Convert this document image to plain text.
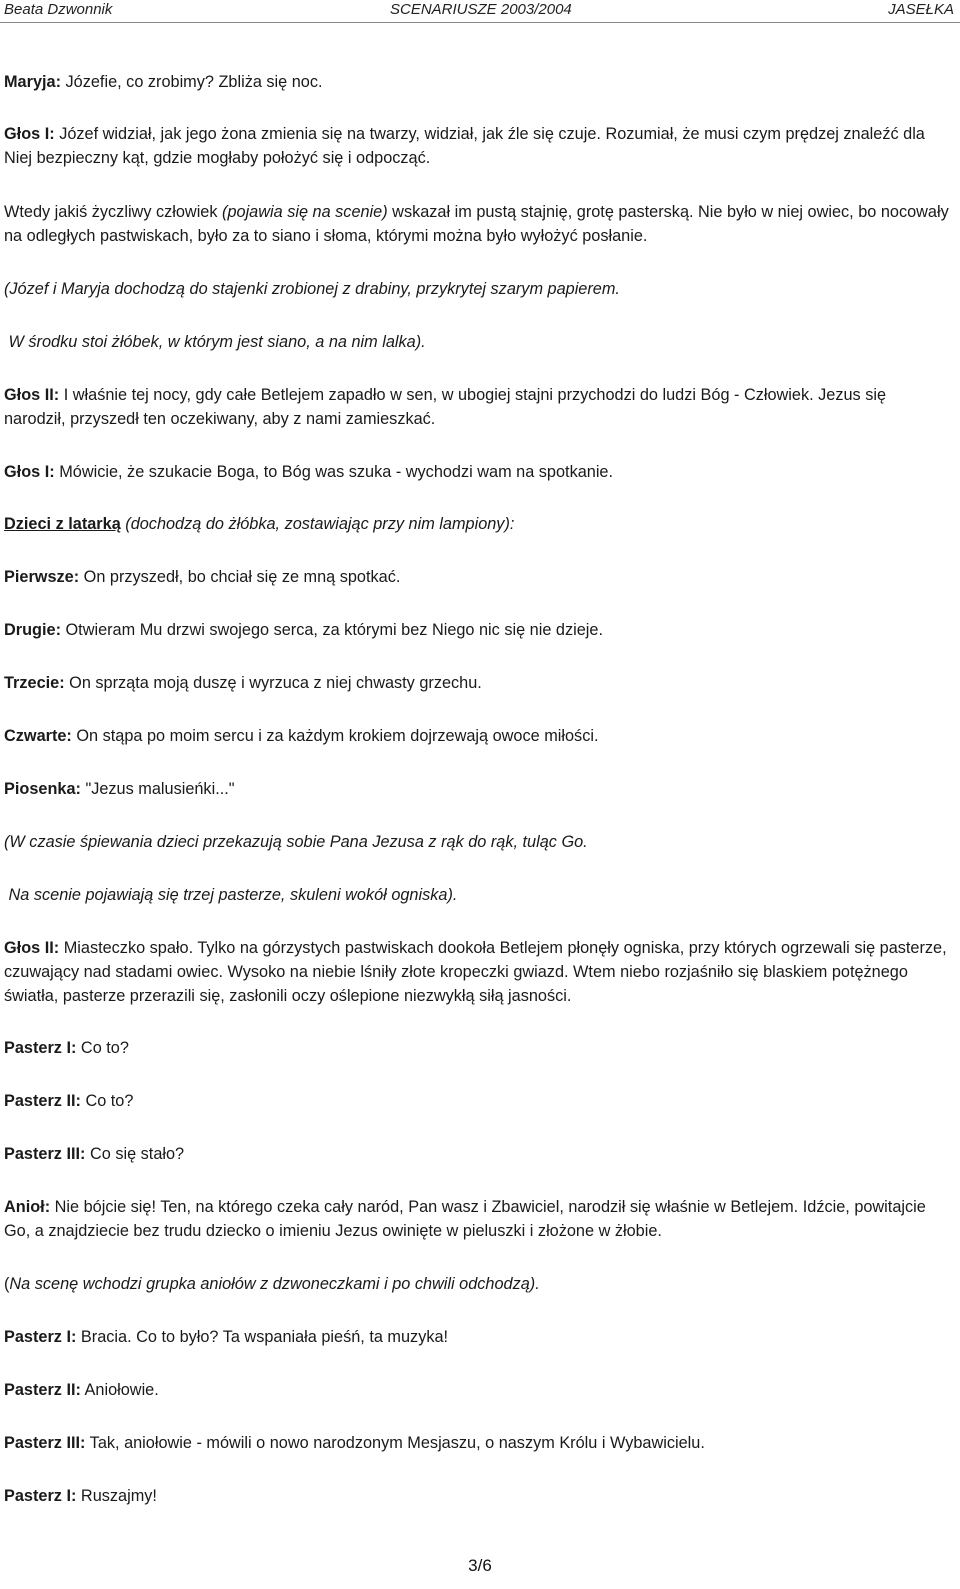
Beata Dzwonnik	SCENARIUSZE 2003/2004	JASEŁKA

Maryja: Józefie, co zrobimy? Zbliża się noc.

Głos I: Józef widział, jak jego żona zmienia się na twarzy, widział, jak źle się czuje. Rozumiał, że musi czym prędzej znaleźć dla Niej bezpieczny kąt, gdzie mogłaby położyć się i odpocząć.

Wtedy jakiś życzliwy człowiek (pojawia się na scenie) wskazał im pustą stajnię, grotę pasterską. Nie było w niej owiec, bo nocowały na odległych pastwiskach, było za to siano i słoma, którymi można było wyłożyć posłanie.

(Józef i Maryja dochodzą do stajenki zrobionej z drabiny, przykrytej szarym papierem.

W środku stoi żłóbek, w którym jest siano, a na nim lalka).

Głos II: I właśnie tej nocy, gdy całe Betlejem zapadło w sen, w ubogiej stajni przychodzi do ludzi Bóg - Człowiek. Jezus się narodził, przyszedł ten oczekiwany, aby z nami zamieszkać.

Głos I: Mówicie, że szukacie Boga, to Bóg was szuka - wychodzi wam na spotkanie.

Dzieci z latarką (dochodzą do żłóbka, zostawiając przy nim lampiony):

Pierwsze: On przyszedł, bo chciał się ze mną spotkać.

Drugie: Otwieram Mu drzwi swojego serca, za którymi bez Niego nic się nie dzieje.

Trzecie: On sprząta moją duszę i wyrzuca z niej chwasty grzechu.

Czwarte: On stąpa po moim sercu i za każdym krokiem dojrzewają owoce miłości.

Piosenka: "Jezus malusieńki..."

(W czasie śpiewania dzieci przekazują sobie Pana Jezusa z rąk do rąk, tuląc Go.

Na scenie pojawiają się trzej pasterze, skuleni wokół ogniska).

Głos II: Miasteczko spało. Tylko na górzystych pastwiskach dookoła Betlejem płonęły ogniska, przy których ogrzewali się pasterze, czuwający nad stadami owiec. Wysoko na niebie lśniły złote kropeczki gwiazd. Wtem niebo rozjaśniło się blaskiem potężnego światła, pasterze przerazili się, zasłonili oczy oślepione niezwykłą siłą jasności.

Pasterz I: Co to?

Pasterz II: Co to?

Pasterz III: Co się stało?

Anioł: Nie bójcie się! Ten, na którego czeka cały naród, Pan wasz i Zbawiciel, narodził się właśnie w Betlejem. Idźcie, powitajcie Go, a znajdziecie bez trudu dziecko o imieniu Jezus owinięte w pieluszki i złożone w żłobie.

(Na scenę wchodzi grupka aniołów z dzwoneczkami i po chwili odchodzą).

Pasterz I: Bracia. Co to było? Ta wspaniała pieśń, ta muzyka!

Pasterz II: Aniołowie.

Pasterz III: Tak, aniołowie - mówili o nowo narodzonym Mesjaszu, o naszym Królu i Wybawicielu.

Pasterz I: Ruszajmy!

3/6
